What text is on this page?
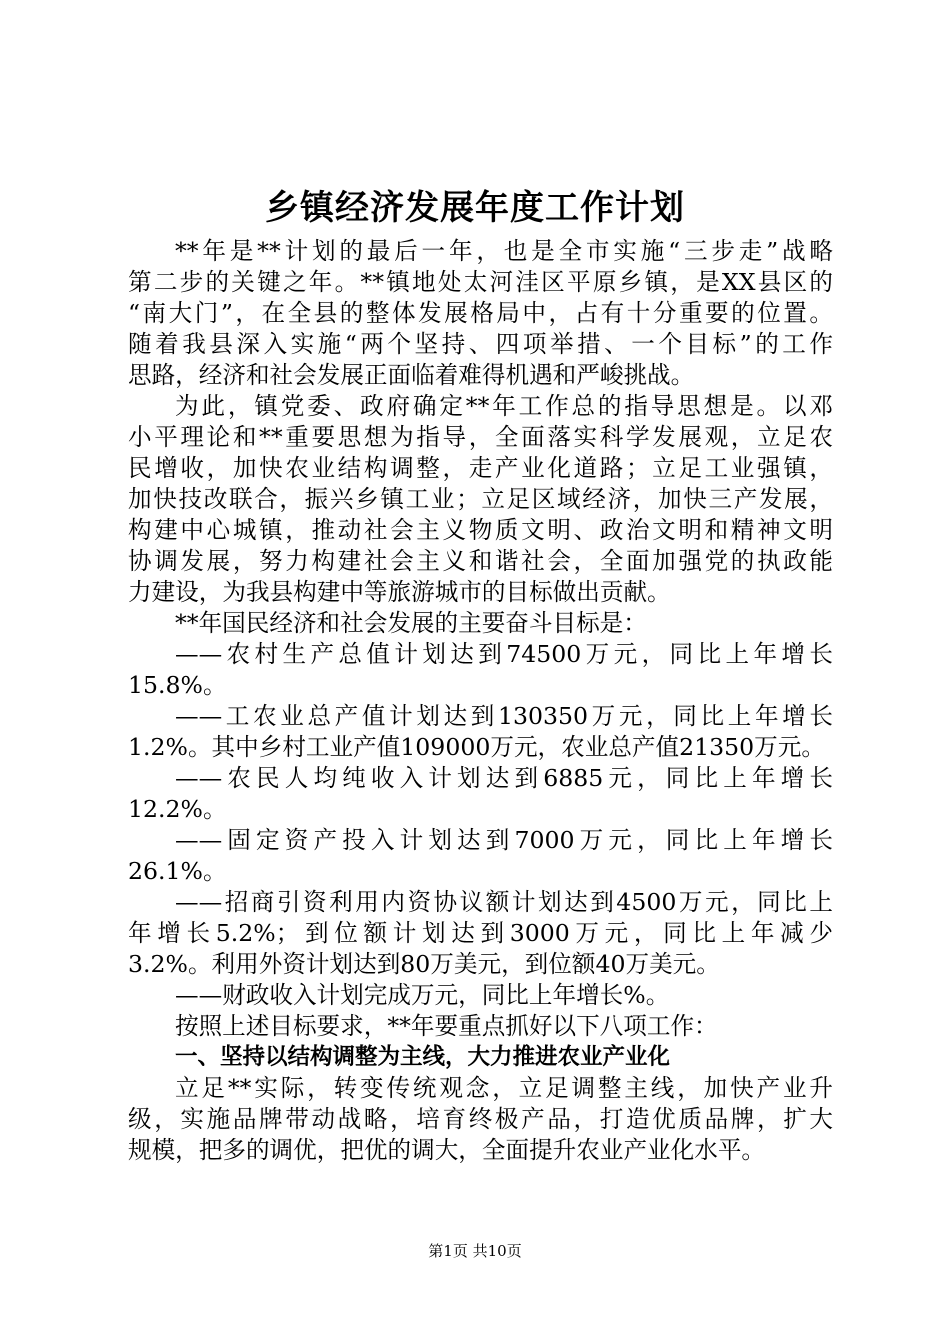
乡镇经济发展年度工作计划
**年是**计划的最后一年，也是全市实施“三步走”战略
第二步的关键之年。**镇地处太河洼区平原乡镇，是XX县区的
“南大门”，在全县的整体发展格局中，占有十分重要的位置。
随着我县深入实施“两个坚持、四项举措、一个目标”的工作
思路，经济和社会发展正面临着难得机遇和严峻挑战。
为此，镇党委、政府确定**年工作总的指导思想是。以邓
小平理论和**重要思想为指导，全面落实科学发展观，立足农
民增收，加快农业结构调整，走产业化道路；立足工业强镇，
加快技改联合，振兴乡镇工业；立足区域经济，加快三产发展，
构建中心城镇，推动社会主义物质文明、政治文明和精神文明
协调发展，努力构建社会主义和谐社会，全面加强党的执政能
力建设，为我县构建中等旅游城市的目标做出贡献。
**年国民经济和社会发展的主要奋斗目标是：
——农村生产总值计划达到74500万元，同比上年增长
15.8%。
——工农业总产值计划达到130350万元，同比上年增长
1.2%。其中乡村工业产值109000万元，农业总产值21350万元。
——农民人均纯收入计划达到6885元，同比上年增长
12.2%。
——固定资产投入计划达到7000万元，同比上年增长
26.1%。
——招商引资利用内资协议额计划达到4500万元，同比上
年增长5.2%；到位额计划达到3000万元，同比上年减少
3.2%。利用外资计划达到80万美元，到位额40万美元。
——财政收入计划完成万元，同比上年增长%。
按照上述目标要求，**年要重点抓好以下八项工作：
一、坚持以结构调整为主线，大力推进农业产业化
立足**实际，转变传统观念，立足调整主线，加快产业升
级，实施品牌带动战略，培育终极产品，打造优质品牌，扩大
规模，把多的调优，把优的调大，全面提升农业产业化水平。
第1页 共10页
